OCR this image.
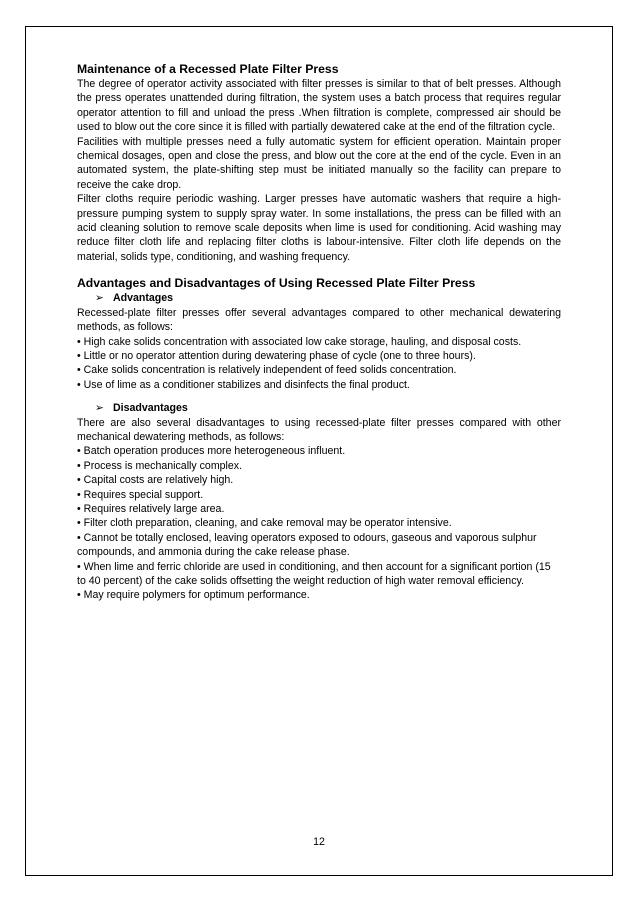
Maintenance of a Recessed Plate Filter Press

The degree of operator activity associated with filter presses is similar to that of belt presses. Although the press operates unattended during filtration, the system uses a batch process that requires regular operator attention to fill and unload the press .When filtration is complete, compressed air should be used to blow out the core since it is filled with partially dewatered cake at the end of the filtration cycle.

Facilities with multiple presses need a fully automatic system for efficient operation. Maintain proper chemical dosages, open and close the press, and blow out the core at the end of the cycle. Even in an automated system, the plate-shifting step must be initiated manually so the facility can prepare to receive the cake drop.

Filter cloths require periodic washing. Larger presses have automatic washers that require a high-pressure pumping system to supply spray water. In some installations, the press can be filled with an acid cleaning solution to remove scale deposits when lime is used for conditioning. Acid washing may reduce filter cloth life and replacing filter cloths is labour-intensive. Filter cloth life depends on the material, solids type, conditioning, and washing frequency.

Advantages and Disadvantages of Using Recessed Plate Filter Press
➢ Advantages

Recessed-plate filter presses offer several advantages compared to other mechanical dewatering methods, as follows:

• High cake solids concentration with associated low cake storage, hauling, and disposal costs.

• Little or no operator attention during dewatering phase of cycle (one to three hours).

• Cake solids concentration is relatively independent of feed solids concentration.

• Use of lime as a conditioner stabilizes and disinfects the final product.

➢ Disadvantages

There are also several disadvantages to using recessed-plate filter presses compared with other mechanical dewatering methods, as follows:

• Batch operation produces more heterogeneous influent.

• Process is mechanically complex.

• Capital costs are relatively high.

• Requires special support.

• Requires relatively large area.

• Filter cloth preparation, cleaning, and cake removal may be operator intensive.

• Cannot be totally enclosed, leaving operators exposed to odours, gaseous and vaporous sulphur compounds, and ammonia during the cake release phase.

• When lime and ferric chloride are used in conditioning, and then account for a significant portion (15 to 40 percent) of the cake solids offsetting the weight reduction of high water removal efficiency.

• May require polymers for optimum performance.

12
